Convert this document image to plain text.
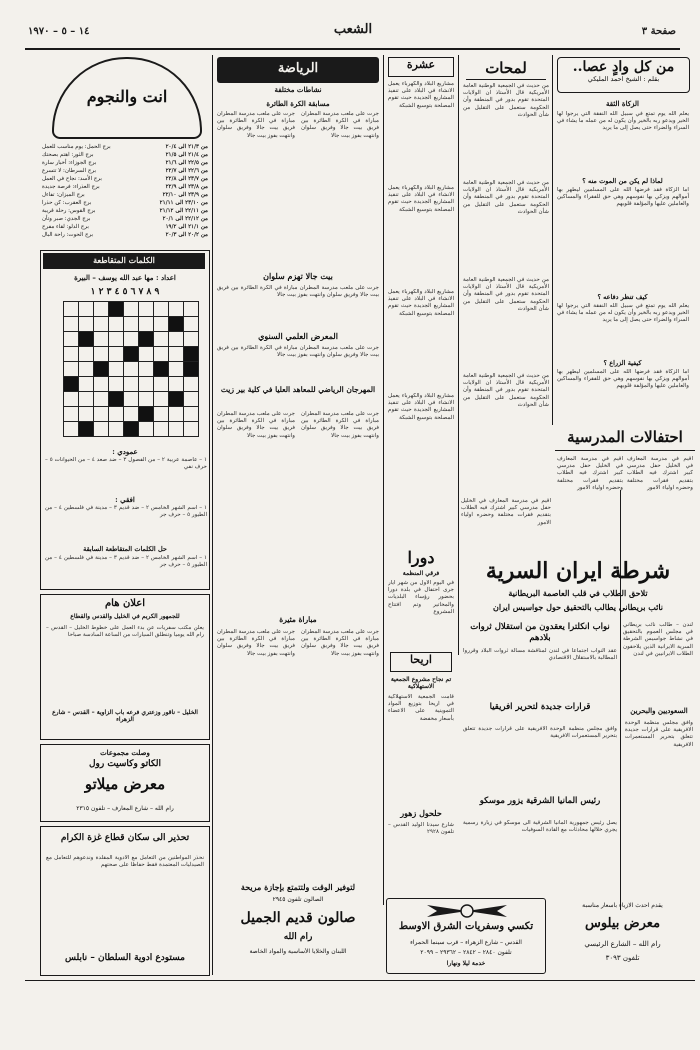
١٤ – ٥ – ١٩٧٠	الشعب	صفحة ٣
من كل وادٍ عصا..
بقلم : الشيخ احمد المليكي
الزكاة الثقة
يعلم الله يوم تمتع في سبيل الله النفقة التي يرجوا لها الخير ويدعو ربه بالخير وأن يكون له من عمله ما يشاء في السراء والضراء حتى يصل إلى ما يريد
لماذا لم يكن من الموت منه ؟
اما الزكاة فقد فرضها الله على المسلمين ليطهر بها أموالهم ويزكي بها نفوسهم وهي حق للفقراء والمساكين والعاملين عليها والمؤلفة قلوبهم
كيف تنظر دفاعه ؟
يعلم الله يوم تمتع في سبيل الله النفقة التي يرجوا لها الخير ويدعو ربه بالخير وأن يكون له من عمله ما يشاء في السراء والضراء حتى يصل إلى ما يريد
كيفية الزراع ؟
اما الزكاة فقد فرضها الله على المسلمين ليطهر بها أموالهم ويزكي بها نفوسهم وهي حق للفقراء والمساكين والعاملين عليها والمؤلفة قلوبهم
لمحات
من حديث في الجمعية الوطنية العامة الأمريكية قال الأستاذ ان الولايات المتحدة تقوم بدور في المنطقة وأن الحكومة ستعمل على التقليل من شأن الحوادث
من حديث في الجمعية الوطنية العامة الأمريكية قال الأستاذ ان الولايات المتحدة تقوم بدور في المنطقة وأن الحكومة ستعمل على التقليل من شأن الحوادث
من حديث في الجمعية الوطنية العامة الأمريكية قال الأستاذ ان الولايات المتحدة تقوم بدور في المنطقة وأن الحكومة ستعمل على التقليل من شأن الحوادث
من حديث في الجمعية الوطنية العامة الأمريكية قال الأستاذ ان الولايات المتحدة تقوم بدور في المنطقة وأن الحكومة ستعمل على التقليل من شأن الحوادث
عشرة
مشاريع البلاد والكهرباء يعمل الانشاء في البلاد على تنفيذ المشاريع الجديدة حيث تقوم المصلحة بتوسيع الشبكة
مشاريع البلاد والكهرباء يعمل الانشاء في البلاد على تنفيذ المشاريع الجديدة حيث تقوم المصلحة بتوسيع الشبكة
مشاريع البلاد والكهرباء يعمل الانشاء في البلاد على تنفيذ المشاريع الجديدة حيث تقوم المصلحة بتوسيع الشبكة
مشاريع البلاد والكهرباء يعمل الانشاء في البلاد على تنفيذ المشاريع الجديدة حيث تقوم المصلحة بتوسيع الشبكة
الرياضة
نشاطات مختلفة
مسابقة الكرة الطائرة
جرت على ملعب مدرسة المطران مباراة في الكرة الطائرة بين فريق بيت جالا وفريق سلوان وانتهت بفوز بيت جالا
جرت على ملعب مدرسة المطران مباراة في الكرة الطائرة بين فريق بيت جالا وفريق سلوان وانتهت بفوز بيت جالا
بيت جالا تهزم سلوان
جرت على ملعب مدرسة المطران مباراة في الكرة الطائرة بين فريق بيت جالا وفريق سلوان وانتهت بفوز بيت جالا
المعرض العلمي السنوي
جرت على ملعب مدرسة المطران مباراة في الكرة الطائرة بين فريق بيت جالا وفريق سلوان وانتهت بفوز بيت جالا
المهرجان الرياضي للمعاهد العليا في كلية بير زيت
جرت على ملعب مدرسة المطران مباراة في الكرة الطائرة بين فريق بيت جالا وفريق سلوان وانتهت بفوز بيت جالا
جرت على ملعب مدرسة المطران مباراة في الكرة الطائرة بين فريق بيت جالا وفريق سلوان وانتهت بفوز بيت جالا
مباراة مثيرة
جرت على ملعب مدرسة المطران مباراة في الكرة الطائرة بين فريق بيت جالا وفريق سلوان وانتهت بفوز بيت جالا
جرت على ملعب مدرسة المطران مباراة في الكرة الطائرة بين فريق بيت جالا وفريق سلوان وانتهت بفوز بيت جالا
انت والنجوم
من ٢١/٣ الى ٢٠/٤
برج الحمل: يوم مناسب للعمل
من ٢١/٤ الى ٢١/٥
برج الثور: اهتم بصحتك
من ٢٢/٥ الى ٢١/٦
برج الجوزاء: أخبار سارة
من ٢٢/٦ الى ٢٢/٧
برج السرطان: لا تتسرع
من ٢٣/٧ الى ٢٢/٨
برج الأسد: نجاح في العمل
من ٢٣/٨ الى ٢٢/٩
برج العذراء: فرصة جديدة
من ٢٣/٩ الى ٢٢/١٠
برج الميزان: تفاءل
من ٢٣/١٠ الى ٢١/١١
برج العقرب: كن حذرا
من ٢٢/١١ الى ٢١/١٢
برج القوس: رحلة قريبة
من ٢٢/١٢ الى ٢٠/١
برج الجدي: صبر وتأن
من ٢١/١ الى ١٩/٢
برج الدلو: لقاء مفرح
من ٢٠/٢ الى ٢٠/٣
برج الحوت: راحة البال
الكلمات المتقاطعة
اعداد : مها عبد الله يوسف – البيرة
٩ ٨ ٧ ٦ ٥ ٤ ٣ ٢ ١

عمودي :
١ – عاصمة عربية ٢ – من الفصول ٣ – ضد صعد ٤ – من الحيوانات ٥ – حرف نفي
افقي :
١ – اسم الشهر الخامس ٢ – ضد قديم ٣ – مدينة في فلسطين ٤ – من الطيور ٥ – حرف جر
حل الكلمات المتقاطعة السابقة
١ – اسم الشهر الخامس ٢ – ضد قديم ٣ – مدينة في فلسطين ٤ – من الطيور ٥ – حرف جر
اعلان هام
للجمهور الكريم في الخليل والقدس والقطاع
يعلن مكتب سفريات عن بدء العمل على خطوط الخليل – القدس – رام الله يوميا وتنطلق السيارات من الساعة السادسة صباحا
الخليل – ناقور وزعتري فرعه باب الزاوية – القدس – شارع الزهراء
وصلت مجموعات
الكاتو وكاسيت رول
معرض ميلاتو
رام الله – شارع المعارف – تلفون ٢٣١٥
تحذير الى سكان قطاع غزة الكرام
نحذر المواطنين من التعامل مع الادوية المقلدة وندعوهم للتعامل مع الصيدليات المعتمدة فقط حفاظا على صحتهم
مستودع ادوية السلطان – نابلس
لتوفير الوقت ولتتمتع بإجازة مريحة
الصالون تلفون ٢٩٤٥
صالون قديم الجميل
رام الله
اللبنان والخلايا الأساسية والمواد الخاصة
دورا
فرقي المنظمة
في اليوم الاول من شهر ايار جرى احتفال في بلدة دورا بحضور رؤساء البلديات والمخاتير وتم افتتاح المشروع
اريحا
تم نجاح مشروع الجمعية الاستهلاكية
قامت الجمعية الاستهلاكية في اريحا بتوزيع المواد التموينية على الاعضاء بأسعار مخفضة
حلحول زهور
شارع سيدنا الوليد القدس – تلفون ٢٩٢٨
احتفالات المدرسية
اقيم في مدرسة المعارف في الخليل حفل مدرسي كبير اشترك فيه الطلاب بتقديم فقرات مختلفة وحضره اولياء الامور
اقيم في مدرسة المعارف في الخليل حفل مدرسي كبير اشترك فيه الطلاب بتقديم فقرات مختلفة وحضره اولياء الامور
اقيم في مدرسة المعارف في الخليل حفل مدرسي كبير اشترك فيه الطلاب بتقديم فقرات مختلفة وحضره اولياء الامور
شرطة ايران السرية
تلاحق الطلاب في قلب العاصمة البريطانية
نائب بريطاني يطالب بالتحقيق حول جواسيس ايران
لندن – طالب نائب بريطاني في مجلس العموم بالتحقيق في نشاط جواسيس الشرطة السرية الايرانية الذين يلاحقون الطلاب الايرانيين في لندن
نواب انكلترا يعقدون من استقلال ثروات بلادهم
عقد النواب اجتماعا في لندن لمناقشة مسألة ثروات البلاد وقرروا المطالبة بالاستقلال الاقتصادي
قرارات جديدة لتحرير افريقيا
وافق مجلس منظمة الوحدة الافريقية على قرارات جديدة تتعلق بتحرير المستعمرات الافريقية
رئيس المانيا الشرقية يزور موسكو
يصل رئيس جمهورية المانيا الشرقية الى موسكو في زيارة رسمية يجري خلالها محادثات مع القادة السوفيات
السعوديين والبحرين
وافق مجلس منظمة الوحدة الافريقية على قرارات جديدة تتعلق بتحرير المستعمرات الافريقية
تكسي وسفريات الشرق الاوسط
القدس – شارع الزهراء – قرب سينما الحمراء
تلفون ٢٨٤٠ – ٢٨٤٢ – ٢٩٣٦٢ – ٢٠٩٩
خدمة ليلا ونهارا
يقدم احدث الازياء بأسعار مناسبة
معرض بيلوس
رام الله – الشارع الرئيسي
تلفون ٣٠٩٣
